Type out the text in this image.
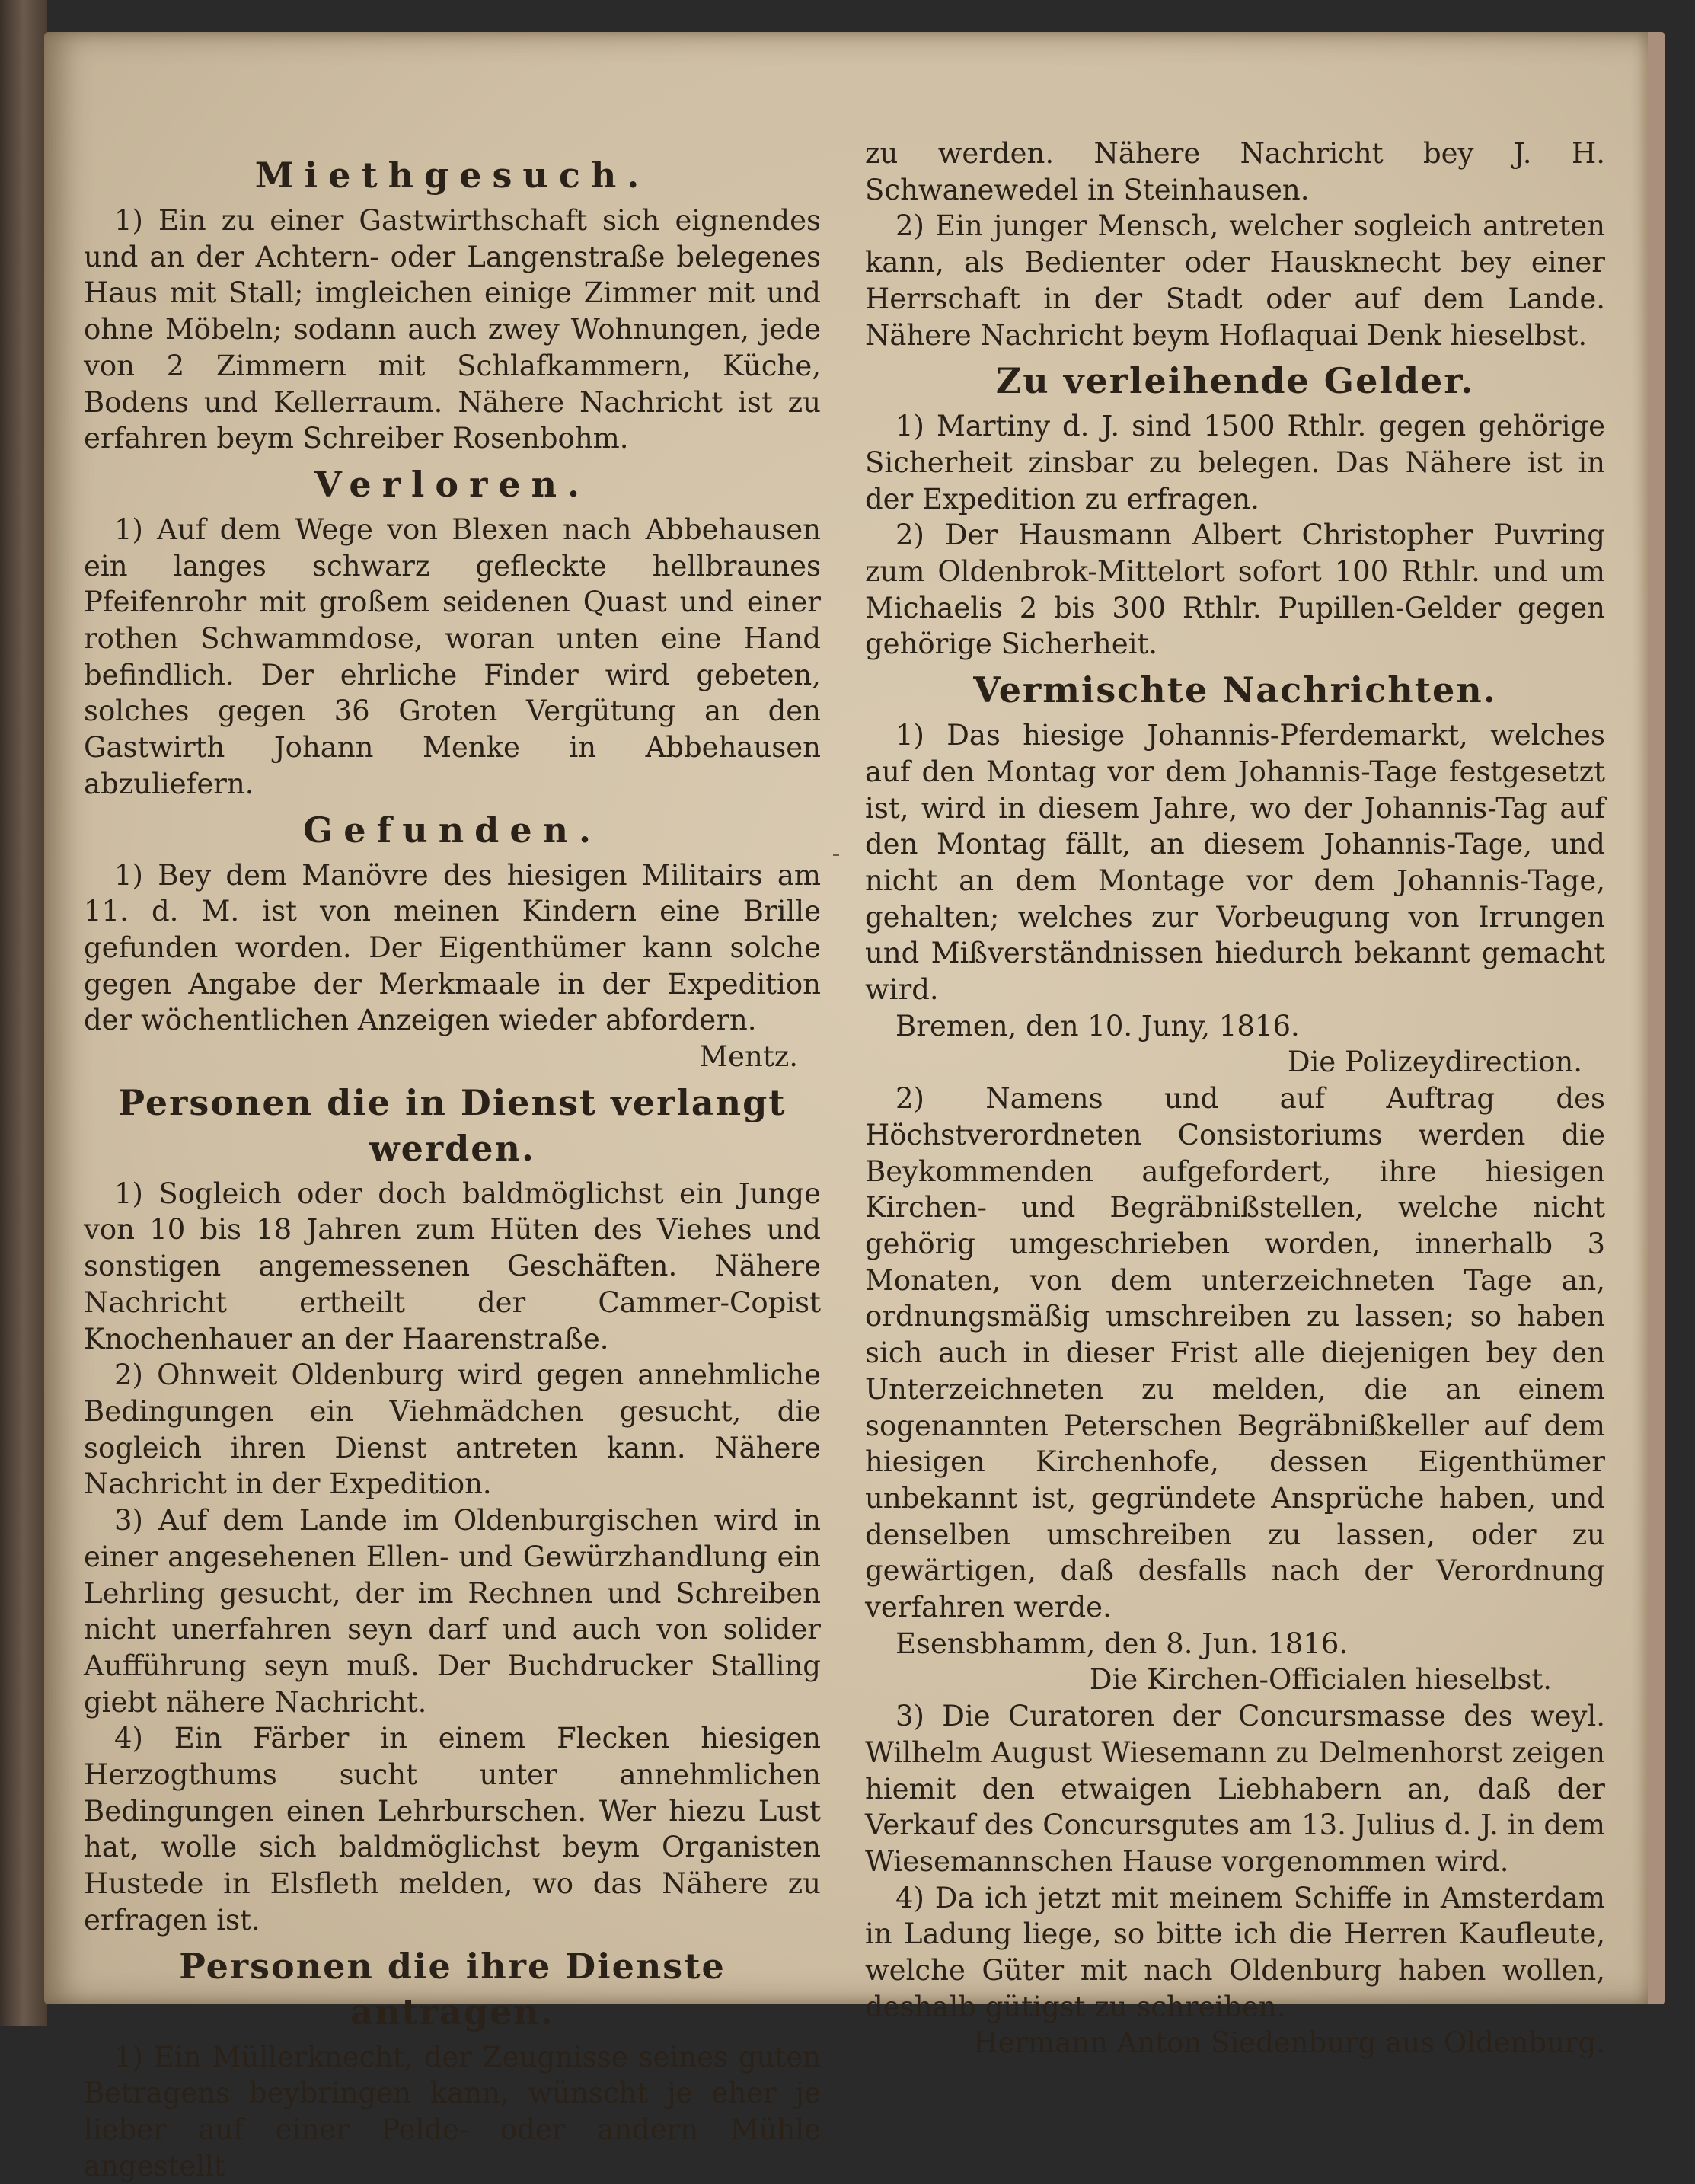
Miethgesuch.

1) Ein zu einer Gastwirthschaft sich eignendes und an der Achtern- oder Langenstraße belegenes Haus mit Stall; imgleichen einige Zimmer mit und ohne Möbeln; sodann auch zwey Wohnungen, jede von 2 Zimmern mit Schlafkammern, Küche, Bodens und Kellerraum. Nähere Nachricht ist zu erfahren beym Schreiber Rosenbohm.

Verloren.

1) Auf dem Wege von Blexen nach Abbehausen ein langes schwarz gefleckte hellbraunes Pfeifenrohr mit großem seidenen Quast und einer rothen Schwammdose, woran unten eine Hand befindlich. Der ehrliche Finder wird gebeten, solches gegen 36 Groten Vergütung an den Gastwirth Johann Menke in Abbehausen abzuliefern.

Gefunden.

1) Bey dem Manövre des hiesigen Militairs am 11. d. M. ist von meinen Kindern eine Brille gefunden worden. Der Eigenthümer kann solche gegen Angabe der Merkmaale in der Expedition der wöchentlichen Anzeigen wieder abfordern.

Mentz.

Personen die in Dienst verlangt werden.

1) Sogleich oder doch baldmöglichst ein Junge von 10 bis 18 Jahren zum Hüten des Viehes und sonstigen angemessenen Geschäften. Nähere Nachricht ertheilt der Cammer-Copist Knochenhauer an der Haarenstraße.

2) Ohnweit Oldenburg wird gegen annehmliche Bedingungen ein Viehmädchen gesucht, die sogleich ihren Dienst antreten kann. Nähere Nachricht in der Expedition.

3) Auf dem Lande im Oldenburgischen wird in einer angesehenen Ellen- und Gewürzhandlung ein Lehrling gesucht, der im Rechnen und Schreiben nicht unerfahren seyn darf und auch von solider Aufführung seyn muß. Der Buchdrucker Stalling giebt nähere Nachricht.

4) Ein Färber in einem Flecken hiesigen Herzogthums sucht unter annehmlichen Bedingungen einen Lehrburschen. Wer hiezu Lust hat, wolle sich baldmöglichst beym Organisten Hustede in Elsfleth melden, wo das Nähere zu erfragen ist.

Personen die ihre Dienste antragen.

1) Ein Müllerknecht, der Zeugnisse seines guten Betragens beybringen kann, wünscht je eher je lieber auf einer Pelde- oder andern Mühle angestellt

zu werden. Nähere Nachricht bey J. H. Schwanewedel in Steinhausen.

2) Ein junger Mensch, welcher sogleich antreten kann, als Bedienter oder Hausknecht bey einer Herrschaft in der Stadt oder auf dem Lande. Nähere Nachricht beym Hoflaquai Denk hieselbst.

Zu verleihende Gelder.

1) Martiny d. J. sind 1500 Rthlr. gegen gehörige Sicherheit zinsbar zu belegen. Das Nähere ist in der Expedition zu erfragen.

2) Der Hausmann Albert Christopher Puvring zum Oldenbrok-Mittelort sofort 100 Rthlr. und um Michaelis 2 bis 300 Rthlr. Pupillen-Gelder gegen gehörige Sicherheit.

Vermischte Nachrichten.

1) Das hiesige Johannis-Pferdemarkt, welches auf den Montag vor dem Johannis-Tage festgesetzt ist, wird in diesem Jahre, wo der Johannis-Tag auf den Montag fällt, an diesem Johannis-Tage, und nicht an dem Montage vor dem Johannis-Tage, gehalten; welches zur Vorbeugung von Irrungen und Mißverständnissen hiedurch bekannt gemacht wird.

Bremen, den 10. Juny, 1816.

Die Polizeydirection.

2) Namens und auf Auftrag des Höchstverordneten Consistoriums werden die Beykommenden aufgefordert, ihre hiesigen Kirchen- und Begräbnißstellen, welche nicht gehörig umgeschrieben worden, innerhalb 3 Monaten, von dem unterzeichneten Tage an, ordnungsmäßig umschreiben zu lassen; so haben sich auch in dieser Frist alle diejenigen bey den Unterzeichneten zu melden, die an einem sogenannten Peterschen Begräbnißkeller auf dem hiesigen Kirchenhofe, dessen Eigenthümer unbekannt ist, gegründete Ansprüche haben, und denselben umschreiben zu lassen, oder zu gewärtigen, daß desfalls nach der Verordnung verfahren werde.

Esensbhamm, den 8. Jun. 1816.

Die Kirchen-Officialen hieselbst.

3) Die Curatoren der Concursmasse des weyl. Wilhelm August Wiesemann zu Delmenhorst zeigen hiemit den etwaigen Liebhabern an, daß der Verkauf des Concursgutes am 13. Julius d. J. in dem Wiesemannschen Hause vorgenommen wird.

4) Da ich jetzt mit meinem Schiffe in Amsterdam in Ladung liege, so bitte ich die Herren Kaufleute, welche Güter mit nach Oldenburg haben wollen, deshalb gütigst zu schreiben.

Hermann Anton Siedenburg aus Oldenburg.
